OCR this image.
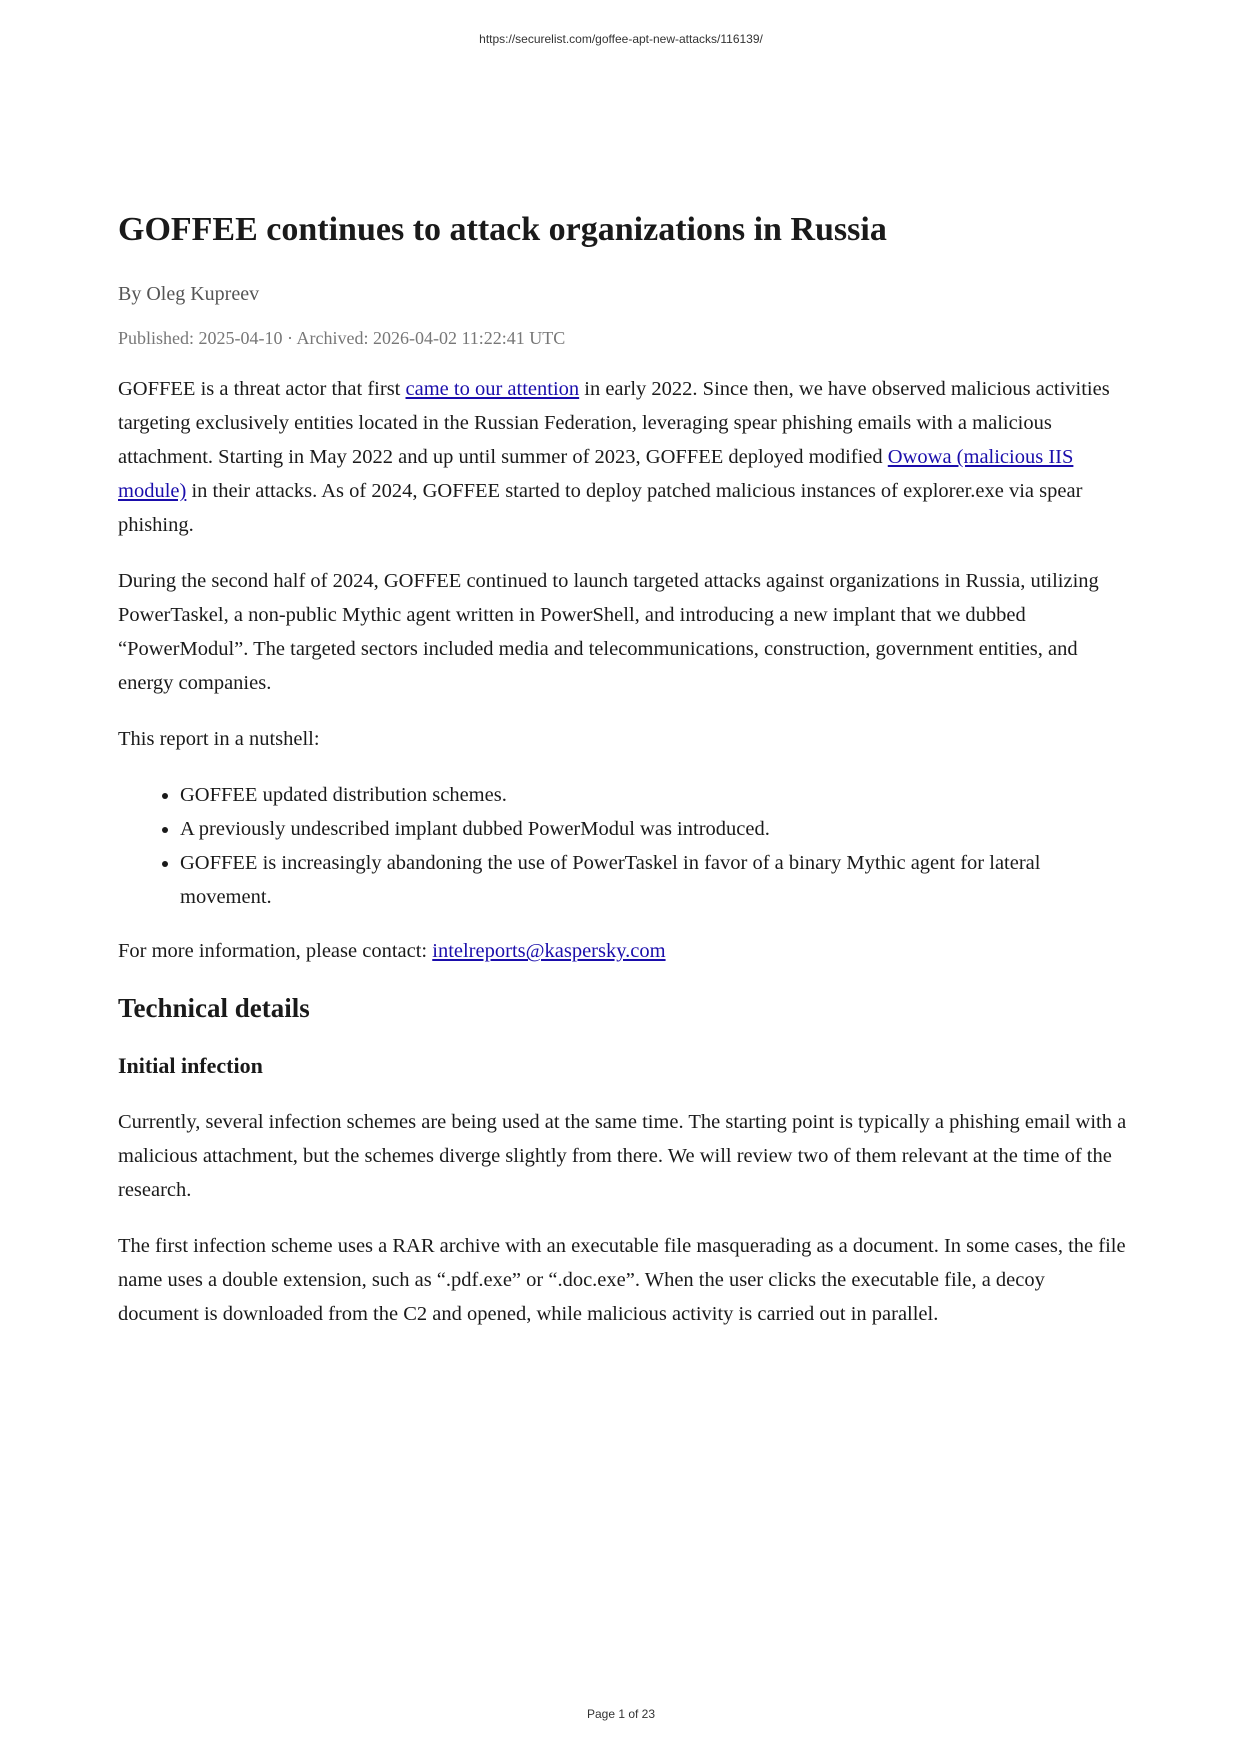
https://securelist.com/goffee-apt-new-attacks/116139/
GOFFEE continues to attack organizations in Russia
By Oleg Kupreev
Published: 2025-04-10 · Archived: 2026-04-02 11:22:41 UTC

GOFFEE is a threat actor that first came to our attention in early 2022. Since then, we have observed malicious activities targeting exclusively entities located in the Russian Federation, leveraging spear phishing emails with a malicious attachment. Starting in May 2022 and up until summer of 2023, GOFFEE deployed modified Owowa (malicious IIS module) in their attacks. As of 2024, GOFFEE started to deploy patched malicious instances of explorer.exe via spear phishing.

During the second half of 2024, GOFFEE continued to launch targeted attacks against organizations in Russia, utilizing PowerTaskel, a non-public Mythic agent written in PowerShell, and introducing a new implant that we dubbed “PowerModul”. The targeted sectors included media and telecommunications, construction, government entities, and energy companies.

This report in a nutshell:

• GOFFEE updated distribution schemes.
• A previously undescribed implant dubbed PowerModul was introduced.
• GOFFEE is increasingly abandoning the use of PowerTaskel in favor of a binary Mythic agent for lateral movement.

For more information, please contact: intelreports@kaspersky.com

Technical details
Initial infection

Currently, several infection schemes are being used at the same time. The starting point is typically a phishing email with a malicious attachment, but the schemes diverge slightly from there. We will review two of them relevant at the time of the research.

The first infection scheme uses a RAR archive with an executable file masquerading as a document. In some cases, the file name uses a double extension, such as “.pdf.exe” or “.doc.exe”. When the user clicks the executable file, a decoy document is downloaded from the C2 and opened, while malicious activity is carried out in parallel.

Page 1 of 23
